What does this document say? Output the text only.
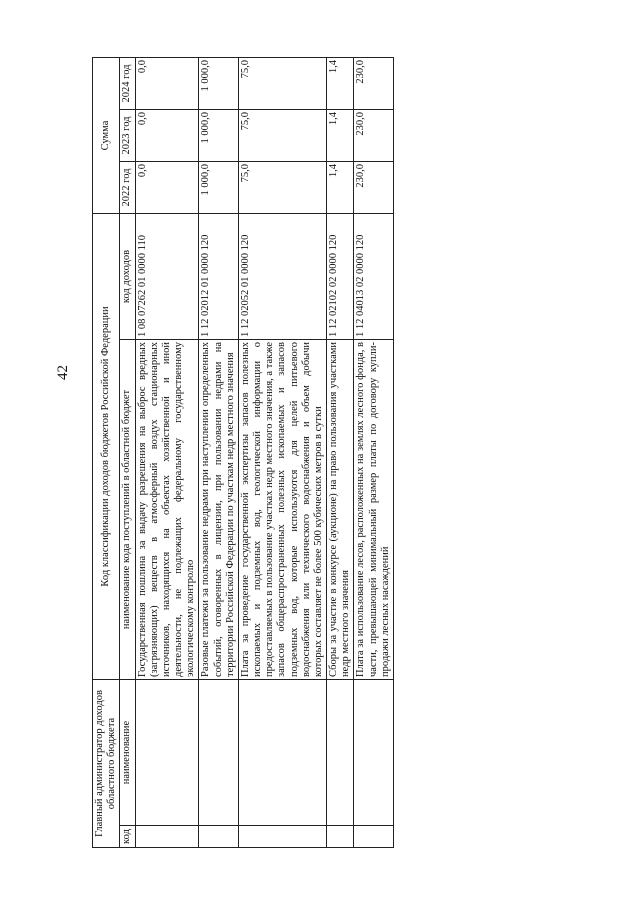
42
Главный администратор доходов областного бюджета		Код классификации доходов бюджетов Российской Федерации		Сумма		
код	наименование	наименование кода поступлений в областной бюджет	код доходов	2022 год	2023 год	2024 год
		Государственная пошлина за выдачу разрешения на выброс вредных (загрязняющих) веществ в атмосферный воздух стационарных источников, находящихся на объектах хозяйственной и иной деятельности, не подлежащих федеральному государственному экологическому контролю	1 08 07262 01 0000 110	0,0	0,0	0,0
		Разовые платежи за пользование недрами при наступлении определенных событий, оговоренных в лицензии, при пользовании недрами на территории Российской Федерации по участкам недр местного значения	1 12 02012 01 0000 120	1 000,0	1 000,0	1 000,0
		Плата за проведение государственной экспертизы запасов полезных ископаемых и подземных вод, геологической информации о предоставляемых в пользование участках недр местного значения, а также запасов общераспространенных полезных ископаемых и запасов подземных вод, которые используются для целей питьевого водоснабжения или технического водоснабжения и объем добычи которых составляет не более 500 кубических метров в сутки	1 12 02052 01 0000 120	75,0	75,0	75,0
		Сборы за участие в конкурсе (аукционе) на право пользования участками недр местного значения	1 12 02102 02 0000 120	1,4	1,4	1,4
		Плата за использование лесов, расположенных на землях лесного фонда, в части, превышающей минимальный размер платы по договору купли-продажи лесных насаждений	1 12 04013 02 0000 120	230,0	230,0	230,0
